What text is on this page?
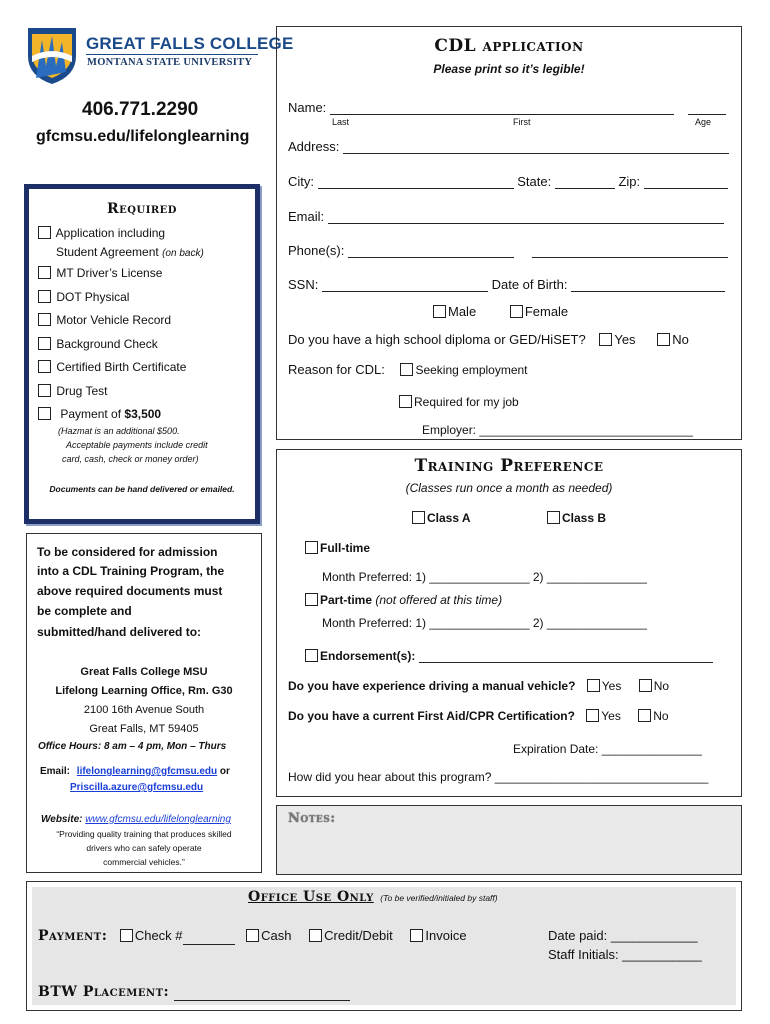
GREAT FALLS COLLEGE
MONTANA STATE UNIVERSITY
406.771.2290
gfcmsu.edu/lifelonglearning
CDL application
Please print so it’s legible!
Name:
Last	First	Age
Address:
City:	State:	Zip:
Email:
Phone(s):
SSN:	Date of Birth:
Male	Female
Do you have a high school diploma or GED/HiSET? Yes	No
Reason for CDL:	Seeking employment
Required for my job
Employer: ________________________________
Required
Application including
Student Agreement (on back)
MT Driver’s License
DOT Physical
Motor Vehicle Record
Background Check
Certified Birth Certificate
Drug Test
Payment of $3,500
(Hazmat is an additional $500.
Acceptable payments include credit
card, cash, check or money order)
Documents can be hand delivered or emailed.
To be considered for admission
into a CDL Training Program, the
above required documents must
be complete and
submitted/hand delivered to:
Great Falls College MSU
Lifelong Learning Office, Rm. G30
2100 16th Avenue South
Great Falls, MT 59405
Office Hours: 8 am – 4 pm, Mon – Thurs
Email: lifelonglearning@gfcmsu.edu or
Priscilla.azure@gfcmsu.edu
Website: www.gfcmsu.edu/lifelonglearning
“Providing quality training that produces skilled
drivers who can safely operate
commercial vehicles.”
Training Preference
(Classes run once a month as needed)
Class A	Class B
Full-time
Month Preferred: 1) _______________ 2) _______________
Part-time (not offered at this time)
Month Preferred: 1) _______________ 2) _______________
Endorsement(s):
Do you have experience driving a manual vehicle? Yes	No
Do you have a current First Aid/CPR Certification? Yes	No
Expiration Date: _______________
How did you hear about this program? ________________________________
Notes:
Office Use Only (To be verified/initialed by staff)
Payment: Check #	Cash	Credit/Debit	Invoice	Date paid: ____________
Staff Initials: ___________
BTW Placement:
